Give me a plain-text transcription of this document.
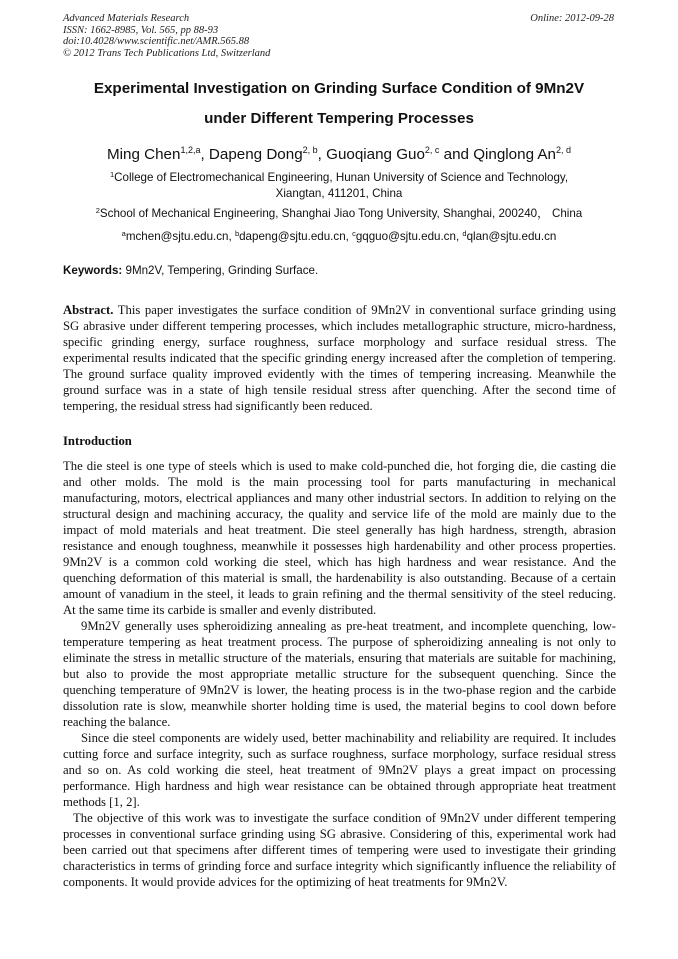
Advanced Materials Research
ISSN: 1662-8985, Vol. 565, pp 88-93
doi:10.4028/www.scientific.net/AMR.565.88
© 2012 Trans Tech Publications Ltd, Switzerland
Online: 2012-09-28
Experimental Investigation on Grinding Surface Condition of 9Mn2V
under Different Tempering Processes
Ming Chen$^{1,2,a}$, Dapeng Dong$^{2, b}$, Guoqiang Guo$^{2, c}$ and Qinglong An$^{2, d}$
$^1$College of Electromechanical Engineering, Hunan University of Science and Technology,
Xiangtan, 411201, China
$^2$School of Mechanical Engineering, Shanghai Jiao Tong University, Shanghai, 200240， China
$^a$mchen@sjtu.edu.cn, $^b$dapeng@sjtu.edu.cn, $^c$gqguo@sjtu.edu.cn, $^d$qlan@sjtu.edu.cn
Keywords: 9Mn2V, Tempering, Grinding Surface.

Abstract. This paper investigates the surface condition of 9Mn2V in conventional surface grinding using SG abrasive under different tempering processes, which includes metallographic structure, micro-hardness, specific grinding energy, surface roughness, surface morphology and surface residual stress. The experimental results indicated that the specific grinding energy increased after the completion of tempering. The ground surface quality improved evidently with the times of tempering increasing. Meanwhile the ground surface was in a state of high tensile residual stress after quenching. After the second time of tempering, the residual stress had significantly been reduced.

Introduction

The die steel is one type of steels which is used to make cold-punched die, hot forging die, die casting die and other molds. The mold is the main processing tool for parts manufacturing in mechanical manufacturing, motors, electrical appliances and many other industrial sectors. In addition to relying on the structural design and machining accuracy, the quality and service life of the mold are mainly due to the impact of mold materials and heat treatment. Die steel generally has high hardness, strength, abrasion resistance and enough toughness, meanwhile it possesses high hardenability and other process properties. 9Mn2V is a common cold working die steel, which has high hardness and wear resistance. And the quenching deformation of this material is small, the hardenability is also outstanding. Because of a certain amount of vanadium in the steel, it leads to grain refining and the thermal sensitivity of the steel reducing. At the same time its carbide is smaller and evenly distributed.

9Mn2V generally uses spheroidizing annealing as pre-heat treatment, and incomplete quenching, low-temperature tempering as heat treatment process. The purpose of spheroidizing annealing is not only to eliminate the stress in metallic structure of the materials, ensuring that materials are suitable for machining, but also to provide the most appropriate metallic structure for the subsequent quenching. Since the quenching temperature of 9Mn2V is lower, the heating process is in the two-phase region and the carbide dissolution rate is slow, meanwhile shorter holding time is used, the material begins to cool down before reaching the balance.

Since die steel components are widely used, better machinability and reliability are required. It includes cutting force and surface integrity, such as surface roughness, surface morphology, surface residual stress and so on. As cold working die steel, heat treatment of 9Mn2V plays a great impact on processing performance. High hardness and high wear resistance can be obtained through appropriate heat treatment methods [1, 2].

The objective of this work was to investigate the surface condition of 9Mn2V under different tempering processes in conventional surface grinding using SG abrasive. Considering of this, experimental work had been carried out that specimens after different times of tempering were used to investigate their grinding characteristics in terms of grinding force and surface integrity which significantly influence the reliability of components. It would provide advices for the optimizing of heat treatments for 9Mn2V.
